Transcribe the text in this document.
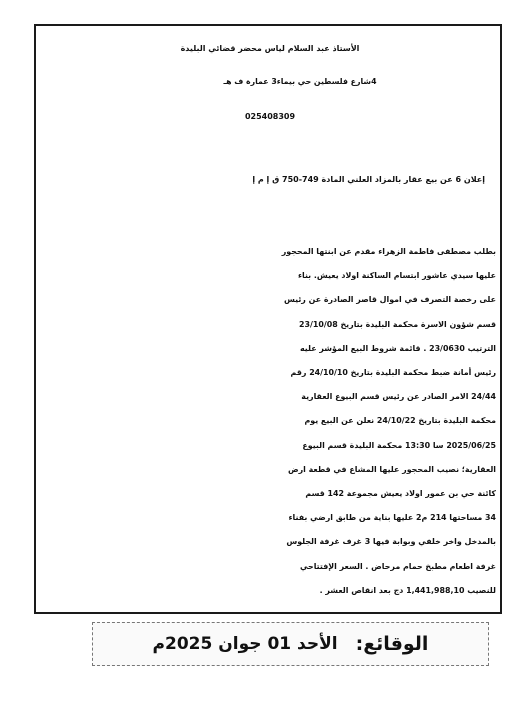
الأستاذ عبد السلام لياس محضر قضائي البليدة

4شارع فلسطين حي بيماء3 عمارة ف هـ

025408309

إعلان 6 عن بيع عقار بالمزاد العلني المادة 749-750 ق إ م إ

بطلب مصطفى فاطمة الزهراء مقدم عن ابنتها المحجور

عليها سيدي عاشور ابتسام الساكنة اولاد يعيش. بناء

على رخصة التصرف في اموال قاصر الصادرة عن رئيس

قسم شؤون الاسرة محكمة البليدة بتاريخ 23/10/08

الترتيب 23/0630 . قائمة شروط البيع المؤشر عليه

رئيس أمانة ضبط محكمة البليدة بتاريخ 24/10/10 رقم

24/44 الامر الصادر عن رئيس قسم البيوع العقارية

محكمة البليدة بتاريخ 24/10/22 نعلن عن البيع يوم

2025/06/25 سا 13:30 محكمة البليدة قسم البيوع

العقارية؛ نصيب المحجور عليها المشاع في قطعة ارض

كائنة حي بن عمور اولاد يعيش مجموعة 142 قسم

34 مساحتها 214 م2 عليها بناية من طابق ارضي بفناء

بالمدخل واخر خلفي وبوابة فيها 3 غرف غرفة الجلوس

غرفة اطعام مطبخ حمام مرحاض . السعر الإفتتاحي

للنصيب 1,441,988,10 دج بعد انقاص العشر .

الوقائع:
الأحد 01 جوان 2025م
